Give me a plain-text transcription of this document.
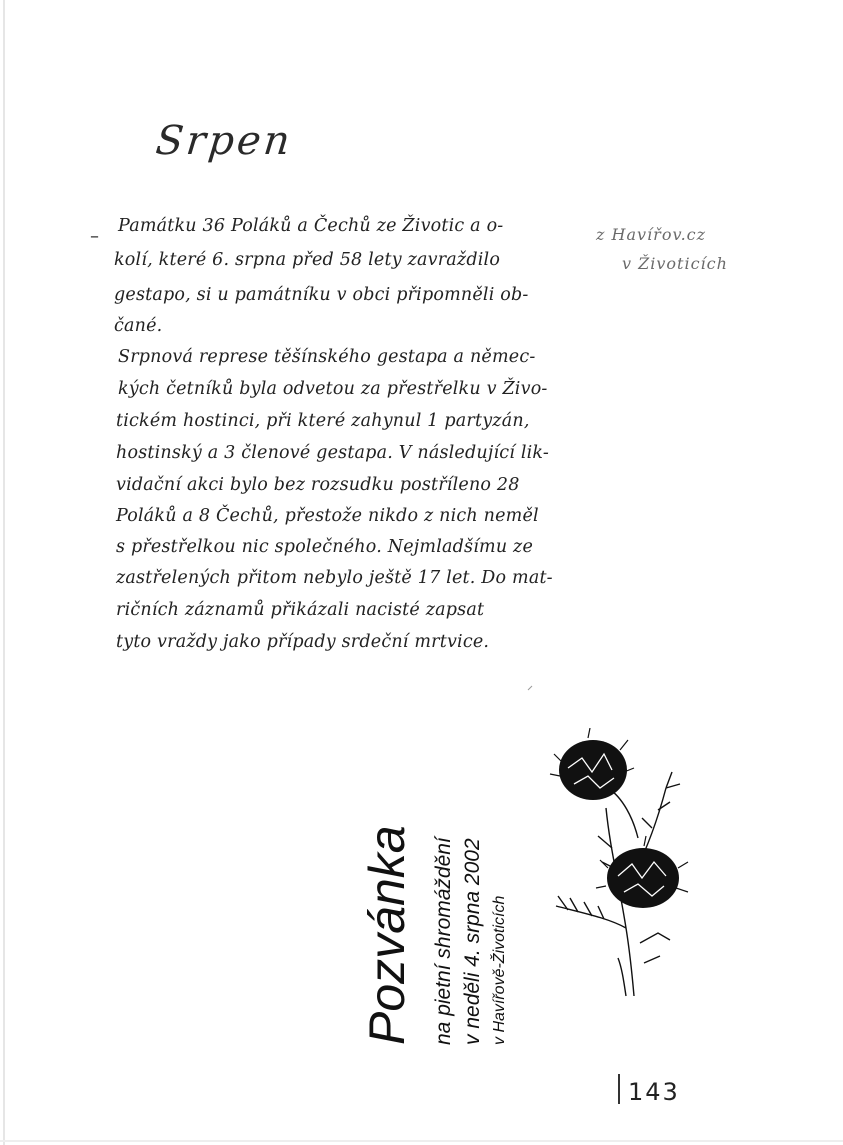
Srpen
– Památku 36 Poláků a Čechů ze Životic a o-
kolí, které 6. srpna před 58 lety zavraždilo
gestapo, si u památníku v obci připomněli ob-
čané.
Srpnová represe těšínského gestapa a němec-
kých četníků byla odvetou za přestřelku v Živo-
tickém hostinci, při které zahynul 1 partyzán,
hostinský a 3 členové gestapa. V následující lik-
vidační akci bylo bez rozsudku postříleno 28
Poláků a 8 Čechů, přestože nikdo z nich neměl
s přestřelkou nic společného. Nejmladšímu ze
zastřelených přitom nebylo ještě 17 let. Do mat-
ričních záznamů přikázali nacisté zapsat
tyto vraždy jako případy srdeční mrtvice.
z Havířov.cz
v Životicích
Pozvánka na pietní shromáždění v neděli 4. srpna 2002 v Havířově-Životicích
143
